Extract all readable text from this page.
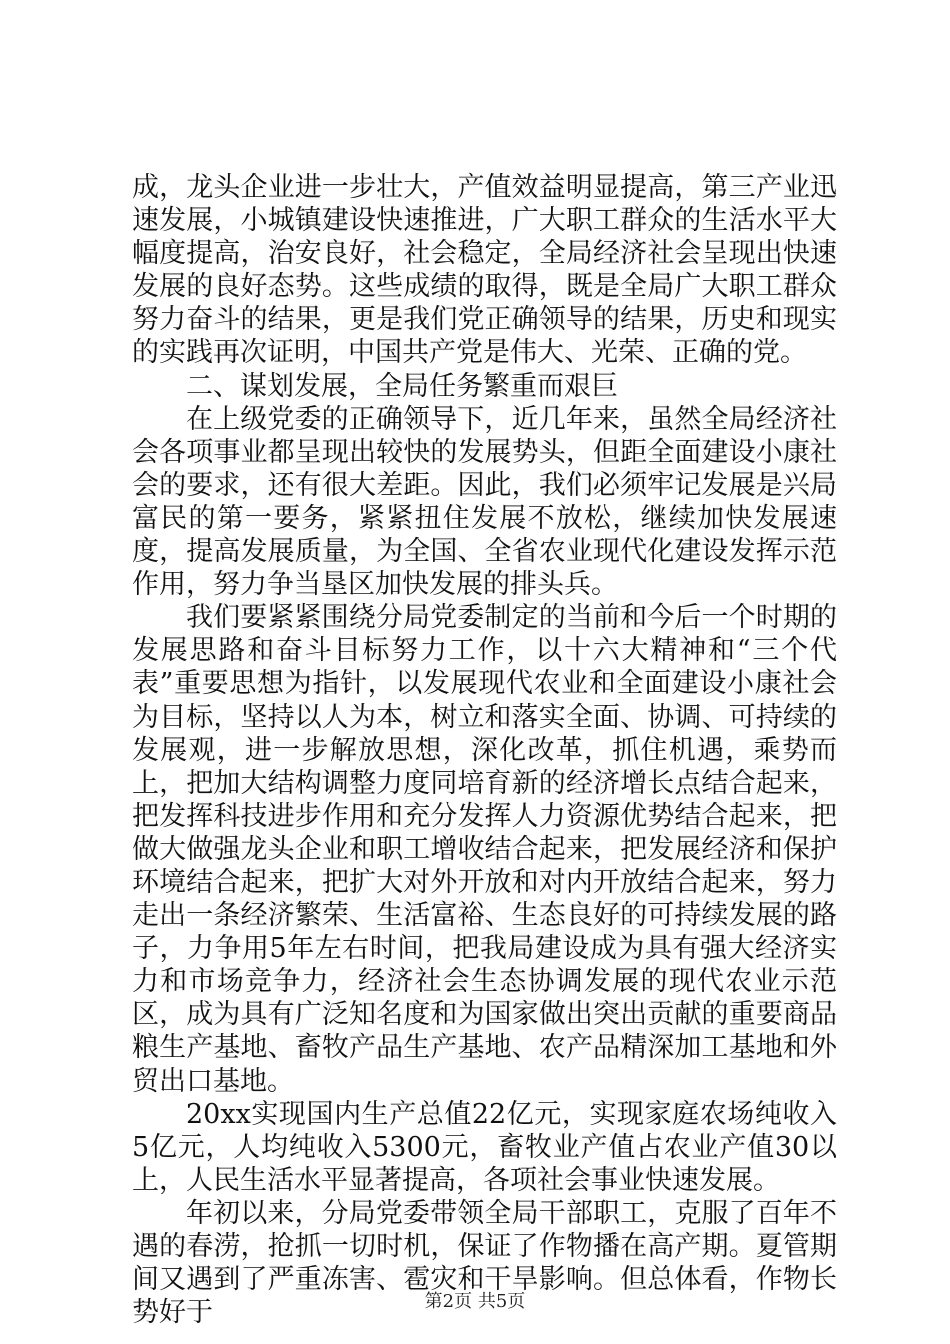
成，龙头企业进一步壮大，产值效益明显提高，第三产业迅速发展，小城镇建设快速推进，广大职工群众的生活水平大幅度提高，治安良好，社会稳定，全局经济社会呈现出快速发展的良好态势。这些成绩的取得，既是全局广大职工群众努力奋斗的结果，更是我们党正确领导的结果，历史和现实的实践再次证明，中国共产党是伟大、光荣、正确的党。

二、谋划发展，全局任务繁重而艰巨

在上级党委的正确领导下，近几年来，虽然全局经济社会各项事业都呈现出较快的发展势头，但距全面建设小康社会的要求，还有很大差距。因此，我们必须牢记发展是兴局富民的第一要务，紧紧扭住发展不放松，继续加快发展速度，提高发展质量，为全国、全省农业现代化建设发挥示范作用，努力争当垦区加快发展的排头兵。

我们要紧紧围绕分局党委制定的当前和今后一个时期的发展思路和奋斗目标努力工作，以十六大精神和“三个代表”重要思想为指针，以发展现代农业和全面建设小康社会为目标，坚持以人为本，树立和落实全面、协调、可持续的发展观，进一步解放思想，深化改革，抓住机遇，乘势而上，把加大结构调整力度同培育新的经济增长点结合起来，把发挥科技进步作用和充分发挥人力资源优势结合起来，把做大做强龙头企业和职工增收结合起来，把发展经济和保护环境结合起来，把扩大对外开放和对内开放结合起来，努力走出一条经济繁荣、生活富裕、生态良好的可持续发展的路子，力争用5年左右时间，把我局建设成为具有强大经济实力和市场竞争力，经济社会生态协调发展的现代农业示范区，成为具有广泛知名度和为国家做出突出贡献的重要商品粮生产基地、畜牧产品生产基地、农产品精深加工基地和外贸出口基地。

20xx实现国内生产总值22亿元，实现家庭农场纯收入5亿元，人均纯收入5300元，畜牧业产值占农业产值30以上，人民生活水平显著提高，各项社会事业快速发展。

年初以来，分局党委带领全局干部职工，克服了百年不遇的春涝，抢抓一切时机，保证了作物播在高产期。夏管期间又遇到了严重冻害、雹灾和干旱影响。但总体看，作物长势好于	第2页 共5页
